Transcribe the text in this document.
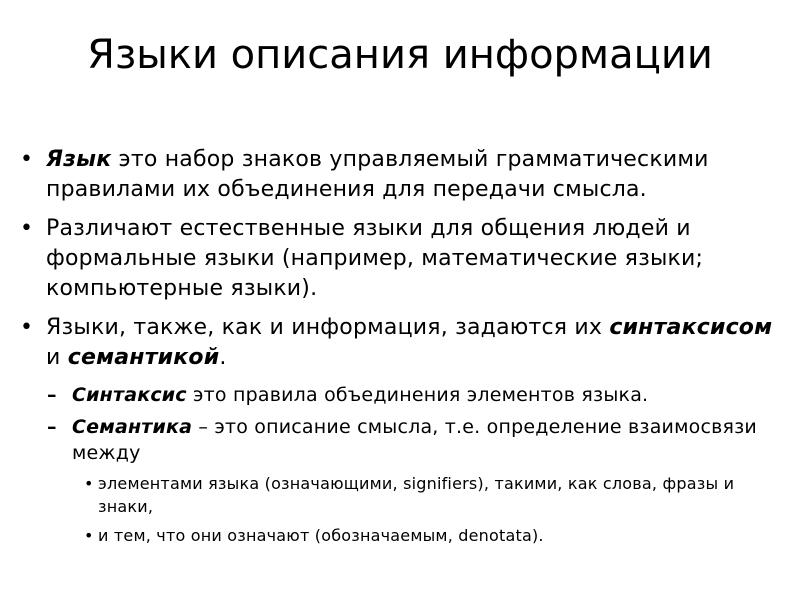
Языки описания информации
• Язык это набор знаков управляемый грамматическими правилами их объединения для передачи смысла.
• Различают естественные языки для общения людей и формальные языки (например, математические языки; компьютерные языки).
• Языки, также, как и информация, задаются их синтаксисом и семантикой.
– Синтаксис это правила объединения элементов языка.
– Семантика – это описание смысла, т.е. определение взаимосвязи между
• элементами языка (означающими, signifiers), такими, как слова, фразы и знаки,
• и тем, что они означают (обозначаемым, denotata).
